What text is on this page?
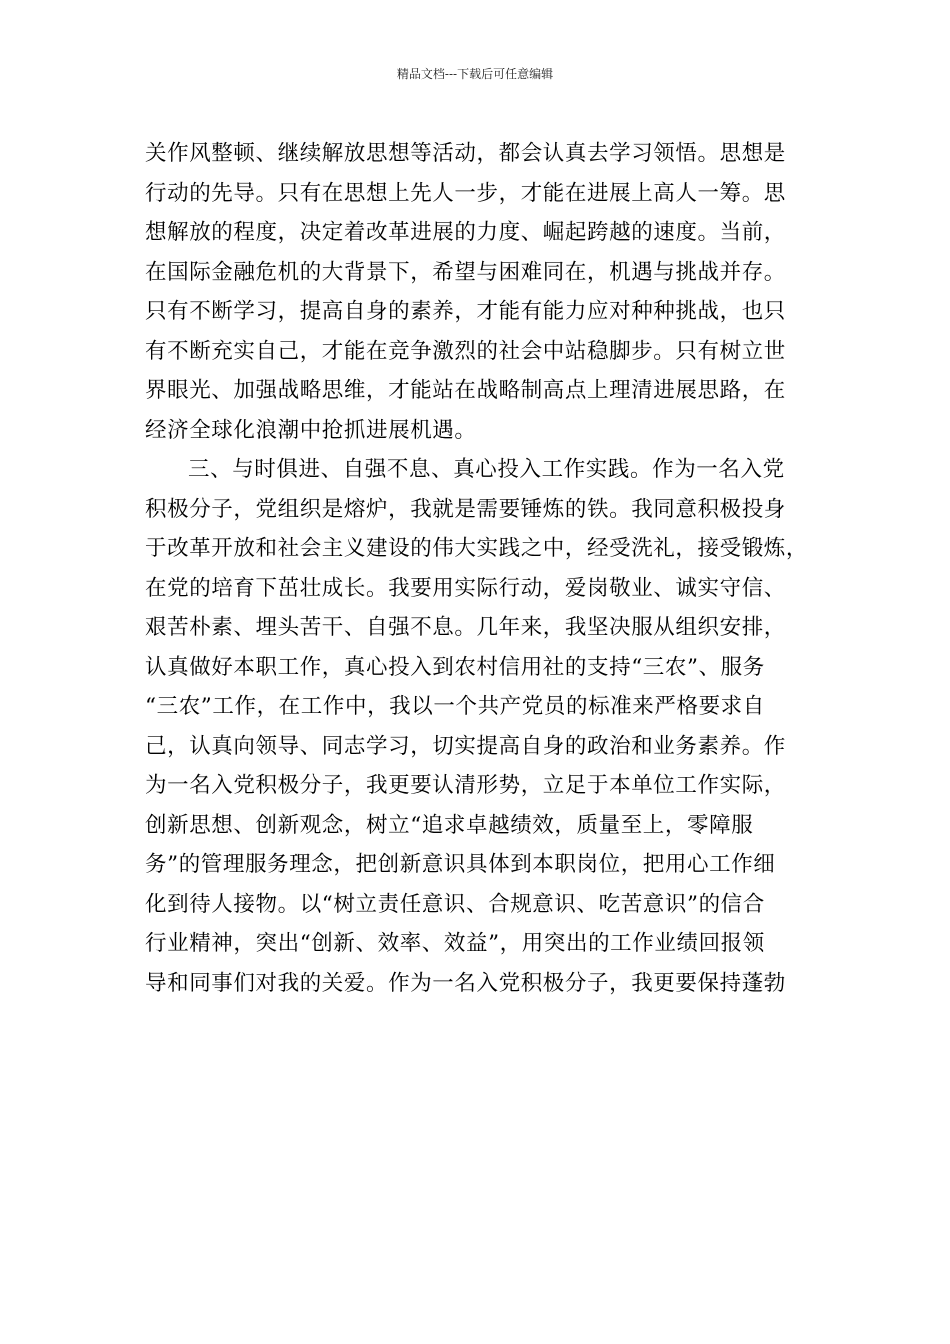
精品文档---下载后可任意编辑
关作风整顿、继续解放思想等活动，都会认真去学习领悟。思想是
行动的先导。只有在思想上先人一步，才能在进展上高人一筹。思
想解放的程度，决定着改革进展的力度、崛起跨越的速度。当前，
在国际金融危机的大背景下，希望与困难同在，机遇与挑战并存。
只有不断学习，提高自身的素养，才能有能力应对种种挑战，也只
有不断充实自己，才能在竞争激烈的社会中站稳脚步。只有树立世
界眼光、加强战略思维，才能站在战略制高点上理清进展思路，在
经济全球化浪潮中抢抓进展机遇。
三、与时俱进、自强不息、真心投入工作实践。作为一名入党
积极分子，党组织是熔炉，我就是需要锤炼的铁。我同意积极投身
于改革开放和社会主义建设的伟大实践之中，经受洗礼，接受锻炼，
在党的培育下茁壮成长。我要用实际行动，爱岗敬业、诚实守信、
艰苦朴素、埋头苦干、自强不息。几年来，我坚决服从组织安排，
认真做好本职工作，真心投入到农村信用社的支持“三农”、服务
“三农”工作，在工作中，我以一个共产党员的标准来严格要求自
己，认真向领导、同志学习，切实提高自身的政治和业务素养。作
为一名入党积极分子，我更要认清形势，立足于本单位工作实际，
创新思想、创新观念，树立“追求卓越绩效，质量至上，零障服
务”的管理服务理念，把创新意识具体到本职岗位，把用心工作细
化到待人接物。以“树立责任意识、合规意识、吃苦意识”的信合
行业精神，突出“创新、效率、效益”，用突出的工作业绩回报领
导和同事们对我的关爱。作为一名入党积极分子，我更要保持蓬勃
